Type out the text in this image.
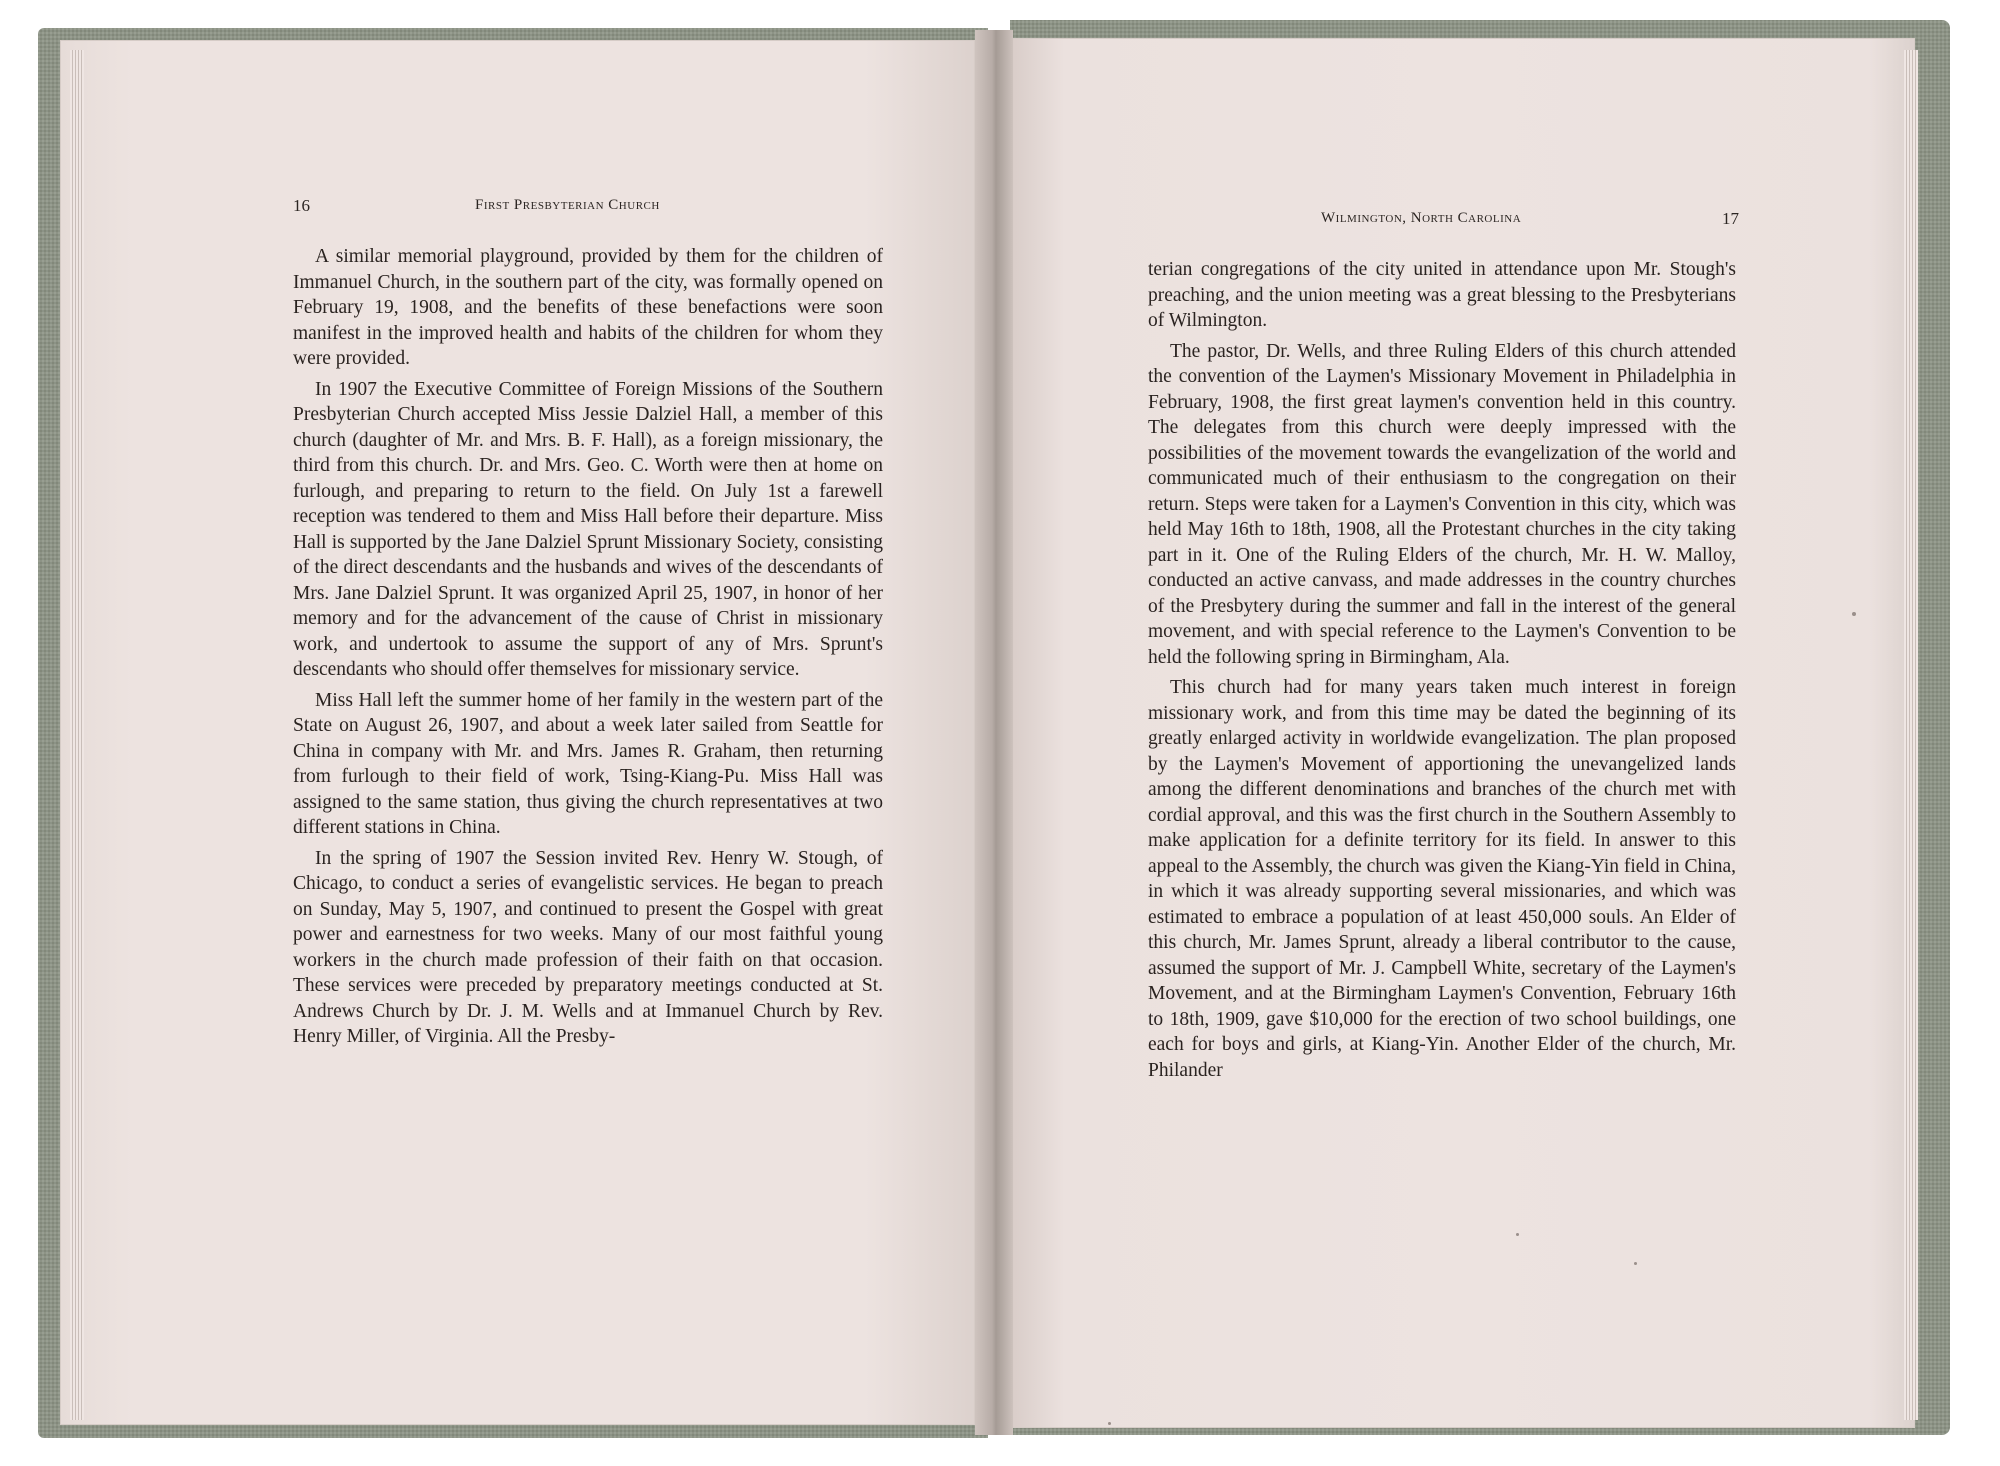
16	First Presbyterian Church
Wilmington, North Carolina	17

A similar memorial playground, provided by them for the children of Immanuel Church, in the southern part of the city, was formally opened on February 19, 1908, and the benefits of these benefactions were soon manifest in the improved health and habits of the children for whom they were provided.

In 1907 the Executive Committee of Foreign Missions of the Southern Presbyterian Church accepted Miss Jessie Dalziel Hall, a member of this church (daughter of Mr. and Mrs. B. F. Hall), as a foreign missionary, the third from this church. Dr. and Mrs. Geo. C. Worth were then at home on furlough, and preparing to return to the field. On July 1st a farewell reception was tendered to them and Miss Hall before their departure. Miss Hall is supported by the Jane Dalziel Sprunt Missionary Society, consisting of the direct descendants and the husbands and wives of the descendants of Mrs. Jane Dalziel Sprunt. It was organized April 25, 1907, in honor of her memory and for the advancement of the cause of Christ in missionary work, and undertook to assume the support of any of Mrs. Sprunt's descendants who should offer themselves for missionary service.

Miss Hall left the summer home of her family in the western part of the State on August 26, 1907, and about a week later sailed from Seattle for China in company with Mr. and Mrs. James R. Graham, then returning from furlough to their field of work, Tsing-Kiang-Pu. Miss Hall was assigned to the same station, thus giving the church representatives at two different stations in China.

In the spring of 1907 the Session invited Rev. Henry W. Stough, of Chicago, to conduct a series of evangelistic services. He began to preach on Sunday, May 5, 1907, and continued to present the Gospel with great power and earnestness for two weeks. Many of our most faithful young workers in the church made profession of their faith on that occasion. These services were preceded by preparatory meetings conducted at St. Andrews Church by Dr. J. M. Wells and at Immanuel Church by Rev. Henry Miller, of Virginia. All the Presby-

terian congregations of the city united in attendance upon Mr. Stough's preaching, and the union meeting was a great blessing to the Presbyterians of Wilmington.

The pastor, Dr. Wells, and three Ruling Elders of this church attended the convention of the Laymen's Missionary Movement in Philadelphia in February, 1908, the first great laymen's convention held in this country. The delegates from this church were deeply impressed with the possibilities of the movement towards the evangelization of the world and communicated much of their enthusiasm to the congregation on their return. Steps were taken for a Laymen's Convention in this city, which was held May 16th to 18th, 1908, all the Protestant churches in the city taking part in it. One of the Ruling Elders of the church, Mr. H. W. Malloy, conducted an active canvass, and made addresses in the country churches of the Presbytery during the summer and fall in the interest of the general movement, and with special reference to the Laymen's Convention to be held the following spring in Birmingham, Ala.

This church had for many years taken much interest in foreign missionary work, and from this time may be dated the beginning of its greatly enlarged activity in worldwide evangelization. The plan proposed by the Laymen's Movement of apportioning the unevangelized lands among the different denominations and branches of the church met with cordial approval, and this was the first church in the Southern Assembly to make application for a definite territory for its field. In answer to this appeal to the Assembly, the church was given the Kiang-Yin field in China, in which it was already supporting several missionaries, and which was estimated to embrace a population of at least 450,000 souls. An Elder of this church, Mr. James Sprunt, already a liberal contributor to the cause, assumed the support of Mr. J. Campbell White, secretary of the Laymen's Movement, and at the Birmingham Laymen's Convention, February 16th to 18th, 1909, gave $10,000 for the erection of two school buildings, one each for boys and girls, at Kiang-Yin. Another Elder of the church, Mr. Philander
